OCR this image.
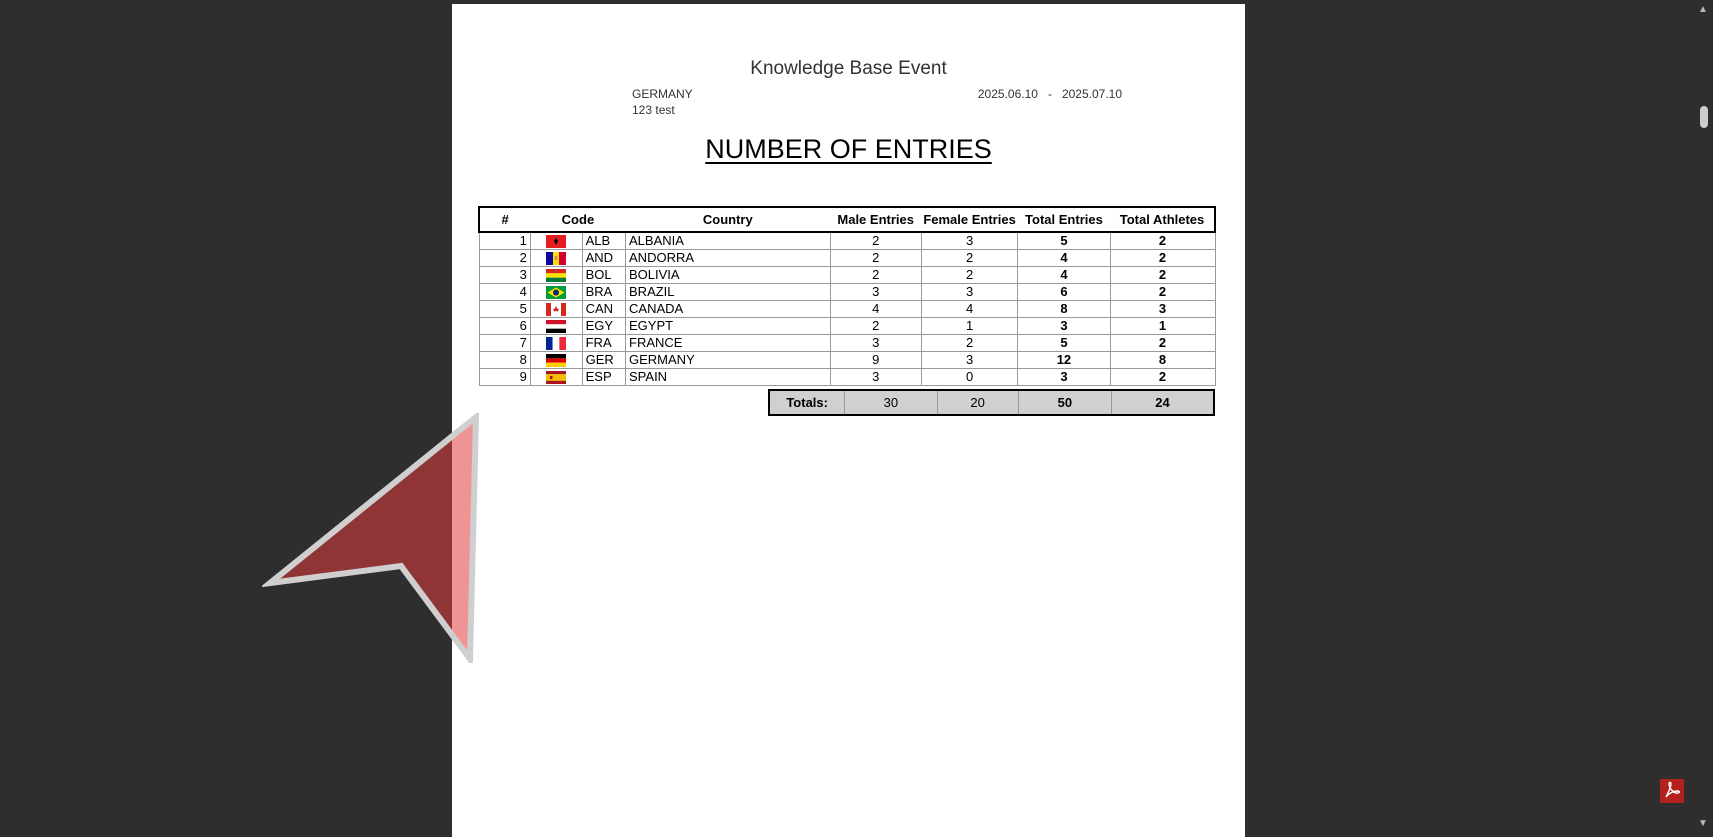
Knowledge Base Event
GERMANY
123 test
2025.06.10 - 2025.07.10
NUMBER OF ENTRIES
#	Code		Country	Male Entries	Female Entries	Total Entries	Total Athletes
1		ALB	ALBANIA	2	3	5	2
2		AND	ANDORRA	2	2	4	2
3		BOL	BOLIVIA	2	2	4	2
4		BRA	BRAZIL	3	3	6	2
5		CAN	CANADA	4	4	8	3
6		EGY	EGYPT	2	1	3	1
7		FRA	FRANCE	3	2	5	2
8		GER	GERMANY	9	3	12	8
9		ESP	SPAIN	3	0	3	2
Totals:	30	20	50	24
▲
▼
